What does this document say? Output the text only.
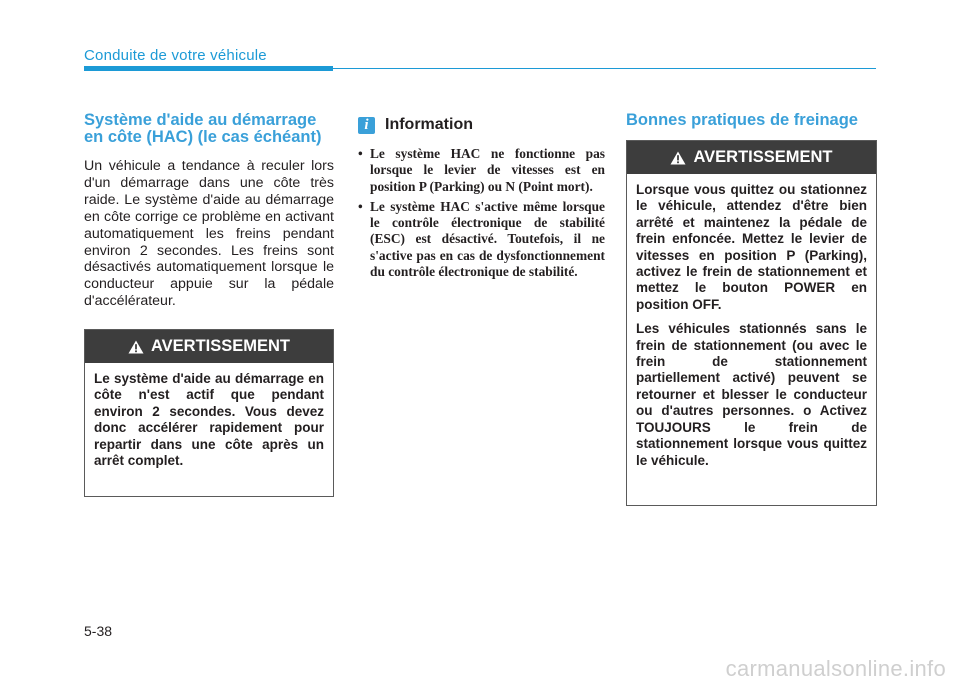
Conduite de votre véhicule
Système d'aide au démarrage
en côte (HAC) (le cas échéant)
Un véhicule a tendance à reculer lors d'un démarrage dans une côte très raide. Le système d'aide au démarrage en côte corrige ce problème en activant automatiquement les freins pendant environ 2 secondes. Les freins sont désactivés automatiquement lorsque le conducteur appuie sur la pédale d'accélérateur.
AVERTISSEMENT

Le système d'aide au démarrage en côte n'est actif que pendant environ 2 secondes. Vous devez donc accélérer rapidement pour repartir dans une côte après un arrêt complet.

i	Information
• Le système HAC ne fonctionne pas lorsque le levier de vitesses est en position P (Parking) ou N (Point mort).
• Le système HAC s'active même lorsque le contrôle électronique de stabilité (ESC) est désactivé. Toutefois, il ne s'active pas en cas de dysfonctionnement du contrôle électronique de stabilité.
Bonnes pratiques de freinage
AVERTISSEMENT

Lorsque vous quittez ou stationnez le véhicule, attendez d'être bien arrêté et maintenez la pédale de frein enfoncée. Mettez le levier de vitesses en position P (Parking), activez le frein de stationnement et mettez le bouton POWER en position OFF.

Les véhicules stationnés sans le frein de stationnement (ou avec le frein de stationnement partiellement activé) peuvent se retourner et blesser le conducteur ou d'autres personnes. o Activez TOUJOURS le frein de stationnement lorsque vous quittez le véhicule.

5-38
carmanualsonline.info
